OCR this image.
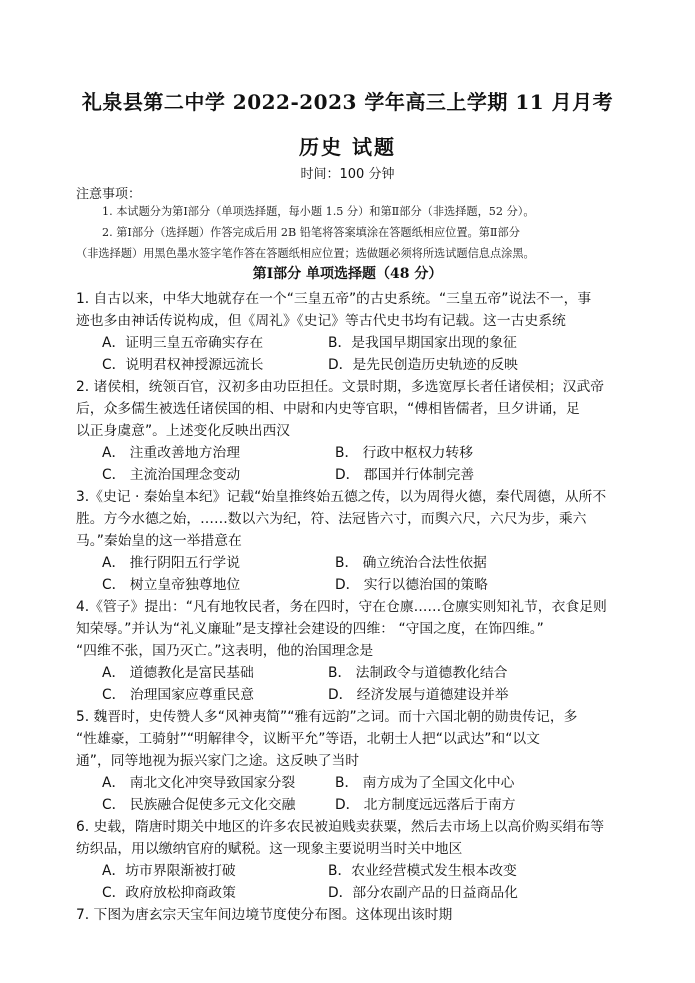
礼泉县第二中学 2022-2023 学年高三上学期 11 月月考
历史 试题
时间：100 分钟
注意事项：
1. 本试题分为第Ⅰ部分（单项选择题，每小题 1.5 分）和第Ⅱ部分（非选择题，52 分）。
2. 第Ⅰ部分（选择题）作答完成后用 2B 铅笔将答案填涂在答题纸相应位置。第Ⅱ部分
（非选择题）用黑色墨水签字笔作答在答题纸相应位置；选做题必须将所选试题信息点涂黑。
第Ⅰ部分 单项选择题（48 分）
1. 自古以来，中华大地就存在一个“三皇五帝”的古史系统。“三皇五帝”说法不一，事
迹也多由神话传说构成，但《周礼》《史记》等古代史书均有记载。这一古史系统
A．证明三皇五帝确实存在	B．是我国早期国家出现的象征
C．说明君权神授源远流长	D．是先民创造历史轨迹的反映
2. 诸侯相，统领百官，汉初多由功臣担任。文景时期，多选宽厚长者任诸侯相；汉武帝
后，众多儒生被选任诸侯国的相、中尉和内史等官职，“傅相皆儒者，旦夕讲诵，足
以正身虞意”。上述变化反映出西汉
A． 注重改善地方治理	B． 行政中枢权力转移
C． 主流治国理念变动	D． 郡国并行体制完善
3.《史记 · 秦始皇本纪》记载“始皇推终始五德之传，以为周得火德，秦代周德，从所不
胜。方今水德之始，……数以六为纪，符、法冠皆六寸，而舆六尺，六尺为步，乘六
马。”秦始皇的这一举措意在
A． 推行阴阳五行学说	B． 确立统治合法性依据
C． 树立皇帝独尊地位	D． 实行以德治国的策略
4.《管子》提出：“凡有地牧民者，务在四时，守在仓廪……仓廪实则知礼节，衣食足则
知荣辱。”并认为“礼义廉耻”是支撑社会建设的四维： “守国之度，在饰四维。”
“四维不张，国乃灭亡。”这表明，他的治国理念是
A． 道德教化是富民基础	B． 法制政令与道德教化结合
C． 治理国家应尊重民意	D． 经济发展与道德建设并举
5. 魏晋时，史传赞人多“风神夷简”“雅有远韵”之词。而十六国北朝的勋贵传记，多
“性雄豪，工骑射”“明解律令，议断平允”等语，北朝士人把“以武达”和“以文
通”，同等地视为振兴家门之途。这反映了当时
A． 南北文化冲突导致国家分裂	B． 南方成为了全国文化中心
C． 民族融合促使多元文化交融	D． 北方制度远远落后于南方
6. 史载，隋唐时期关中地区的许多农民被迫贱卖获粟，然后去市场上以高价购买绢布等
纺织品，用以缴纳官府的赋税。这一现象主要说明当时关中地区
A．坊市界限渐被打破	B．农业经营模式发生根本改变
C．政府放松抑商政策	D．部分农副产品的日益商品化
7. 下图为唐玄宗天宝年间边境节度使分布图。这体现出该时期
